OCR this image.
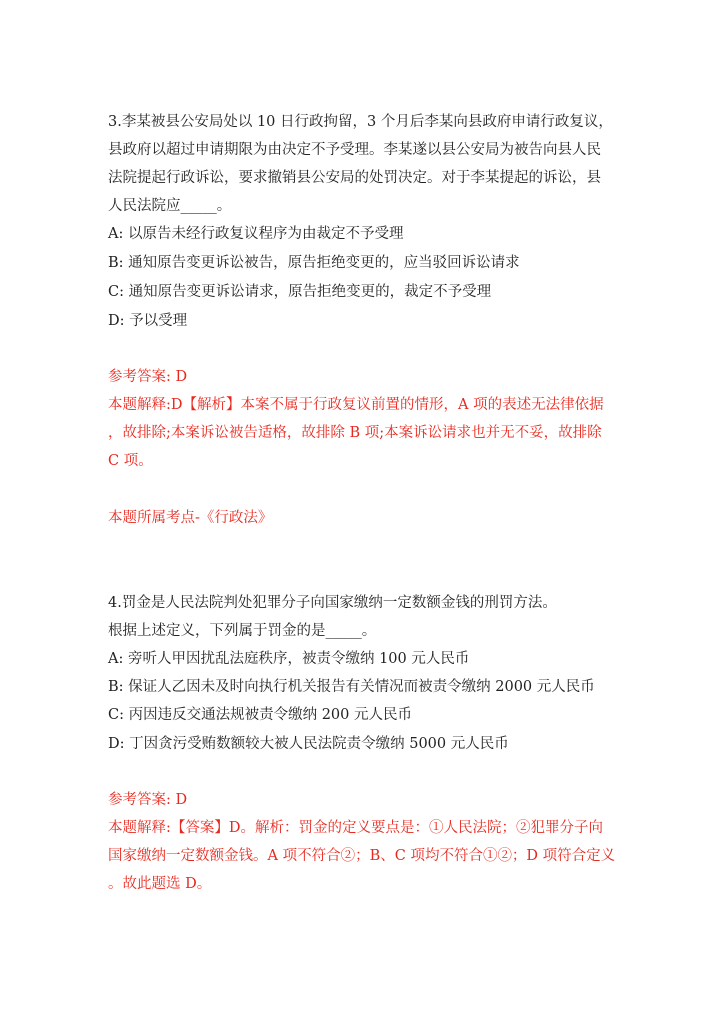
3.李某被县公安局处以 10 日行政拘留，3 个月后李某向县政府申请行政复议，
县政府以超过申请期限为由决定不予受理。李某遂以县公安局为被告向县人民
法院提起行政诉讼，要求撤销县公安局的处罚决定。对于李某提起的诉讼，县
人民法院应_____。
A: 以原告未经行政复议程序为由裁定不予受理
B: 通知原告变更诉讼被告，原告拒绝变更的，应当驳回诉讼请求
C: 通知原告变更诉讼请求，原告拒绝变更的，裁定不予受理
D: 予以受理
参考答案: D
本题解释:D【解析】本案不属于行政复议前置的情形，A 项的表述无法律依据
，故排除;本案诉讼被告适格，故排除 B 项;本案诉讼请求也并无不妥，故排除
C 项。
本题所属考点-《行政法》
4.罚金是人民法院判处犯罪分子向国家缴纳一定数额金钱的刑罚方法。
根据上述定义，下列属于罚金的是_____。
A: 旁听人甲因扰乱法庭秩序，被责令缴纳 100 元人民币
B: 保证人乙因未及时向执行机关报告有关情况而被责令缴纳 2000 元人民币
C: 丙因违反交通法规被责令缴纳 200 元人民币
D: 丁因贪污受贿数额较大被人民法院责令缴纳 5000 元人民币
参考答案: D
本题解释:【答案】D。解析：罚金的定义要点是：①人民法院；②犯罪分子向
国家缴纳一定数额金钱。A 项不符合②；B、C 项均不符合①②；D 项符合定义
。故此题选 D。
